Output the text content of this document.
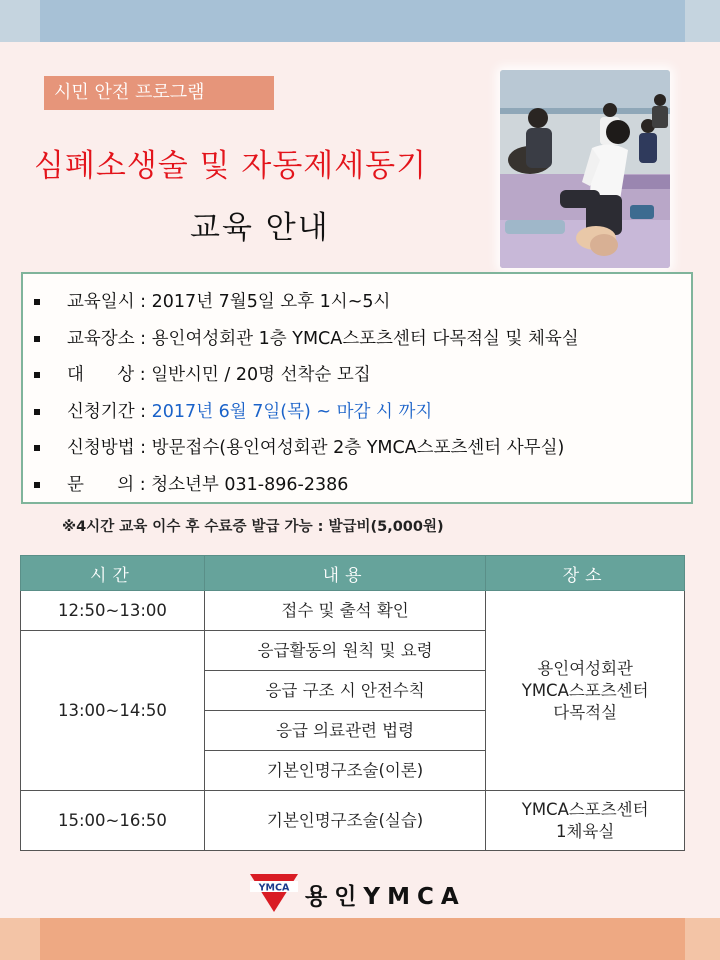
시민 안전 프로그램
심폐소생술 및 자동제세동기
교육 안내
교육일시 : 2017년 7월5일 오후 1시~5시
교육장소 : 용인여성회관 1층 YMCA스포츠센터 다목적실 및 체육실
대      상 : 일반시민 / 20명 선착순 모집
신청기간 : 2017년 6월 7일(목) ~ 마감 시 까지
신청방법 : 방문접수(용인여성회관 2층 YMCA스포츠센터 사무실)
문      의 : 청소년부 031-896-2386
※4시간 교육 이수 후 수료증 발급 가능 : 발급비(5,000원)
시간	내용	장소
12:50~13:00	접수 및 출석 확인	용인여성회관
YMCA스포츠센터
다목적실

13:00~14:50	응급활동의 원칙 및 요령	
	응급 구조 시 안전수칙	
	응급 의료관련 법령	
	기본인명구조술(이론)	
15:00~16:50	기본인명구조술(실습)	YMCA스포츠센터
1체육실
YMCA 용인YMCA
